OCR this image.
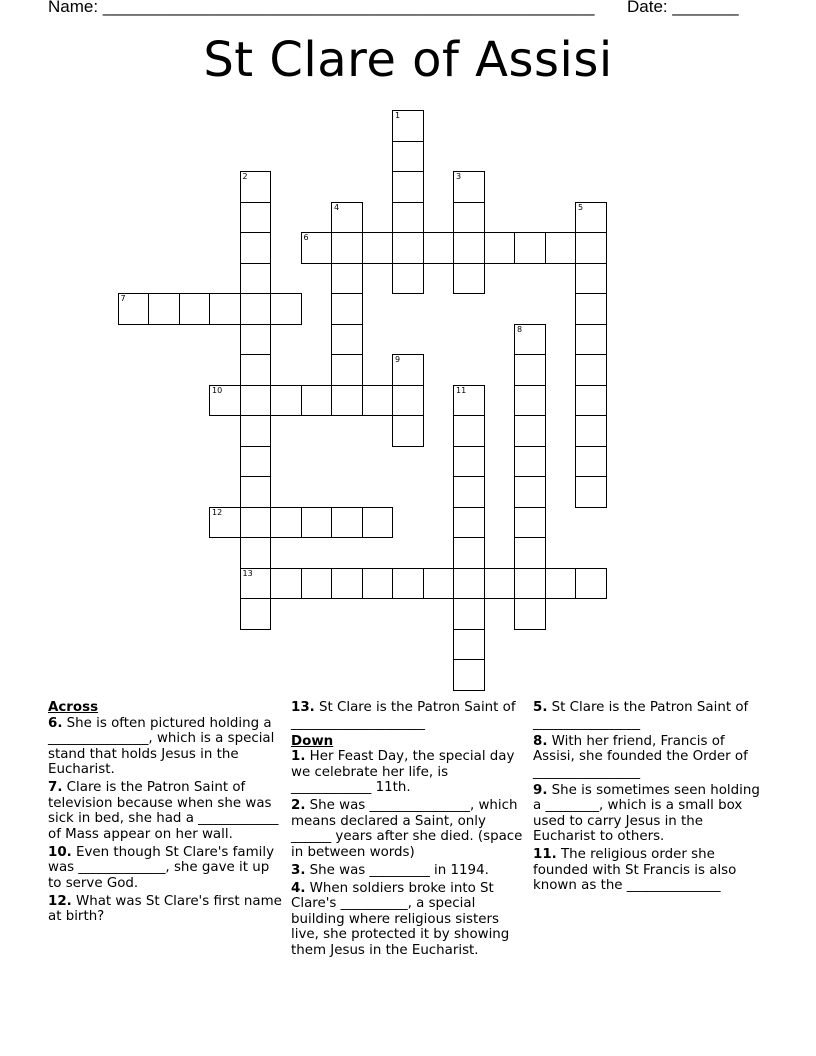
Name: ____________________________________________________ Date: _______
St Clare of Assisi
1
2
13
3
4	5
6
7
8
9
10	11
12
Across
6. She is often pictured holding a _______________, which is a special stand that holds Jesus in the Eucharist.
7. Clare is the Patron Saint of television because when she was sick in bed, she had a ____________ of Mass appear on her wall.
10. Even though St Clare's family was _____________, she gave it up to serve God.
12. What was St Clare's first name at birth?
13. St Clare is the Patron Saint of ____________________
Down
1. Her Feast Day, the special day we celebrate her life, is ____________ 11th.
2. She was _______________, which means declared a Saint, only ______ years after she died. (space in between words)
3. She was _________ in 1194.
4. When soldiers broke into St Clare's __________, a special building where religious sisters live, she protected it by showing them Jesus in the Eucharist.
5. St Clare is the Patron Saint of ________________
8. With her friend, Francis of Assisi, she founded the Order of ________________
9. She is sometimes seen holding a ________, which is a small box used to carry Jesus in the Eucharist to others.
11. The religious order she founded with St Francis is also known as the ______________
